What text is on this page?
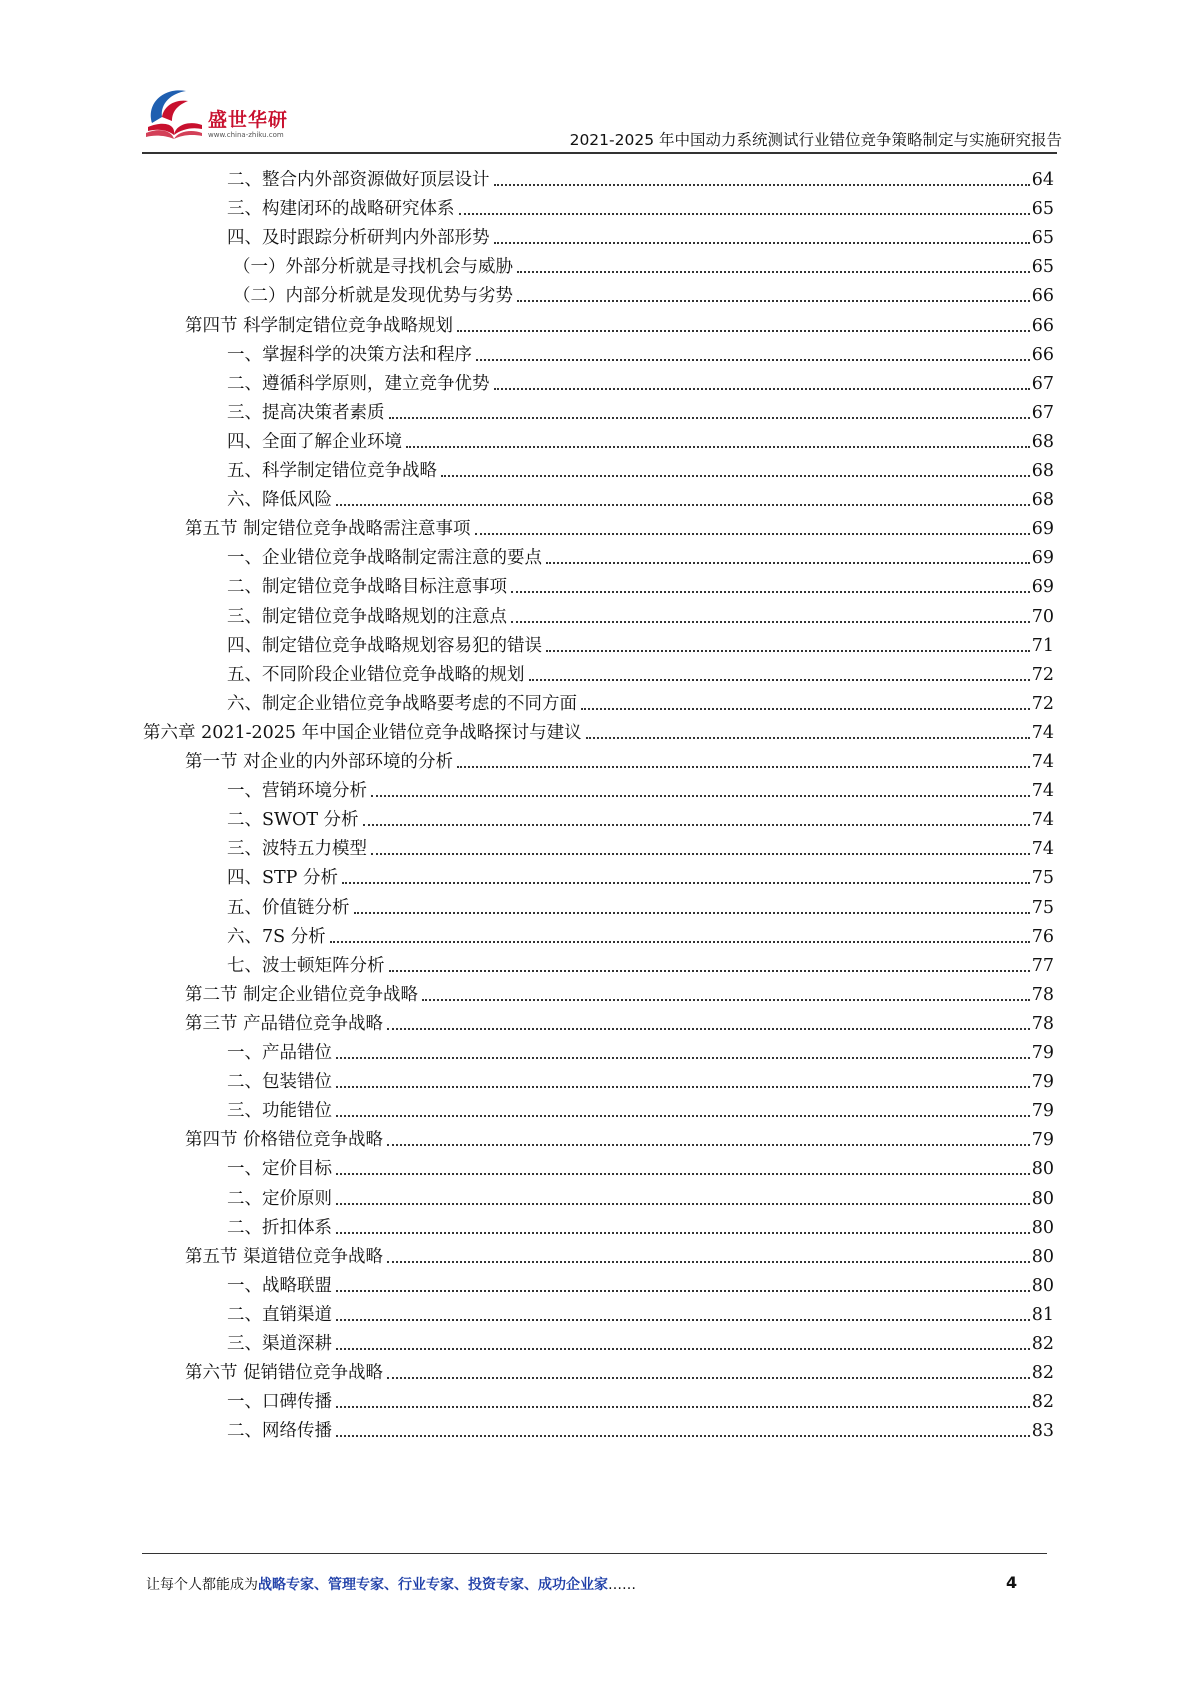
盛世华研
www.china-zhiku.com	2021-2025 年中国动力系统测试行业错位竞争策略制定与实施研究报告
二、整合内外部资源做好顶层设计	64
三、构建闭环的战略研究体系	65
四、及时跟踪分析研判内外部形势	65
（一）外部分析就是寻找机会与威胁	65
（二）内部分析就是发现优势与劣势	66
第四节 科学制定错位竞争战略规划	66
一、掌握科学的决策方法和程序	66
二、遵循科学原则，建立竞争优势	67
三、提高决策者素质	67
四、全面了解企业环境	68
五、科学制定错位竞争战略	68
六、降低风险	68
第五节 制定错位竞争战略需注意事项	69
一、企业错位竞争战略制定需注意的要点	69
二、制定错位竞争战略目标注意事项	69
三、制定错位竞争战略规划的注意点	70
四、制定错位竞争战略规划容易犯的错误	71
五、不同阶段企业错位竞争战略的规划	72
六、制定企业错位竞争战略要考虑的不同方面	72
第六章 2021-2025 年中国企业错位竞争战略探讨与建议	74
第一节 对企业的内外部环境的分析	74
一、营销环境分析	74
二、SWOT 分析	74
三、波特五力模型	74
四、STP 分析	75
五、价值链分析	75
六、7S 分析	76
七、波士顿矩阵分析	77
第二节 制定企业错位竞争战略	78
第三节 产品错位竞争战略	78
一、产品错位	79
二、包装错位	79
三、功能错位	79
第四节 价格错位竞争战略	79
一、定价目标	80
二、定价原则	80
二、折扣体系	80
第五节 渠道错位竞争战略	80
一、战略联盟	80
二、直销渠道	81
三、渠道深耕	82
第六节 促销错位竞争战略	82
一、口碑传播	82
二、网络传播	83
让每个人都能成为战略专家、管理专家、行业专家、投资专家、成功企业家……	4
